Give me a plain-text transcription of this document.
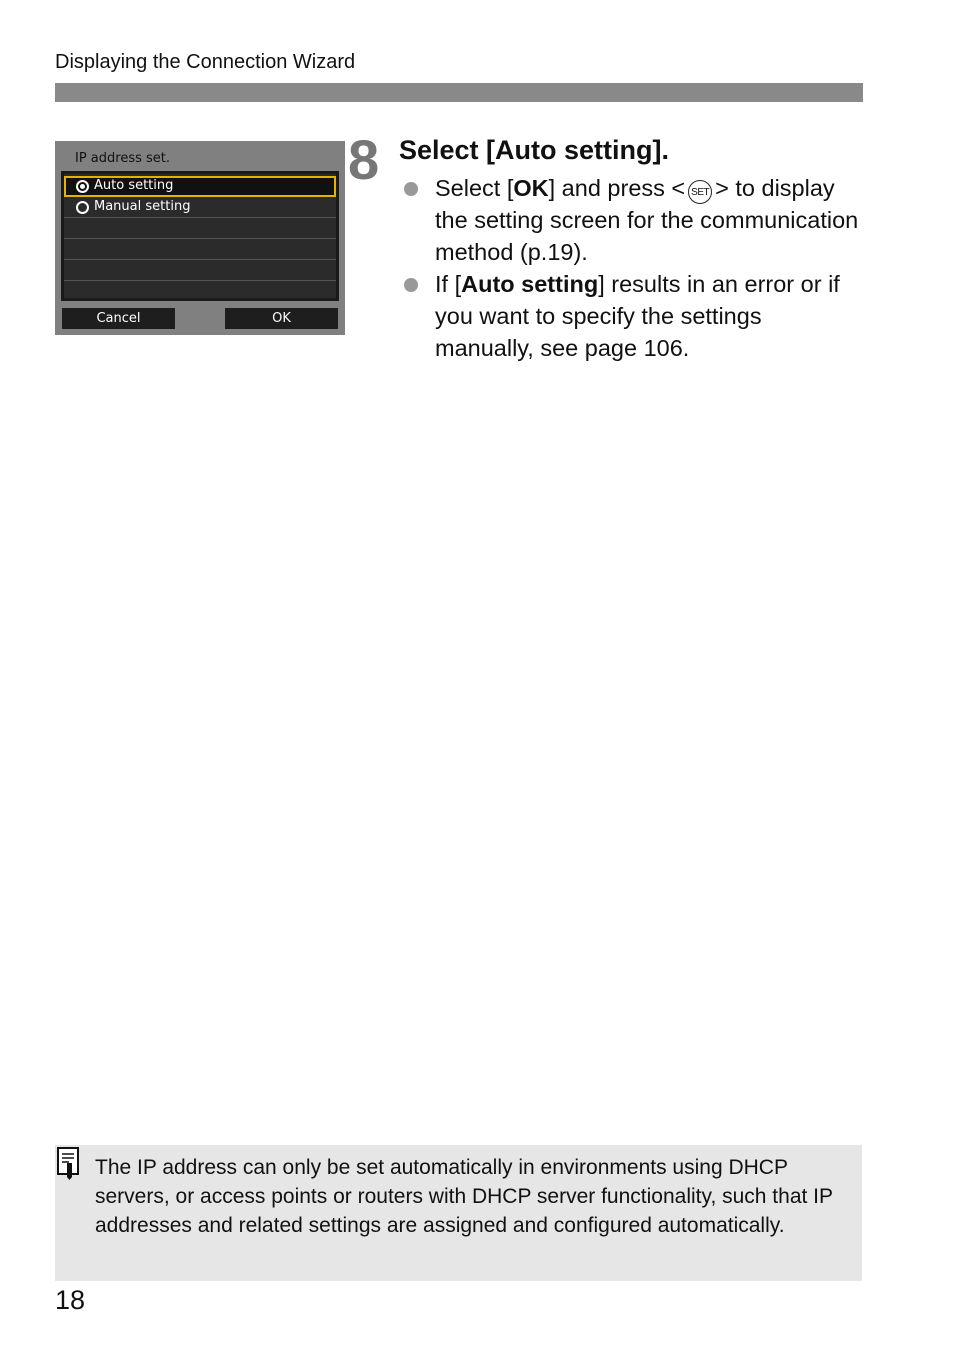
Displaying the Connection Wizard
IP address set.
Auto setting
Manual setting
Cancel	OK
8 Select [Auto setting].
Select [OK] and press < SET > to display the setting screen for the communication method (p.19).
If [Auto setting] results in an error or if you want to specify the settings manually, see page 106.
The IP address can only be set automatically in environments using DHCP servers, or access points or routers with DHCP server functionality, such that IP addresses and related settings are assigned and configured automatically.
18
